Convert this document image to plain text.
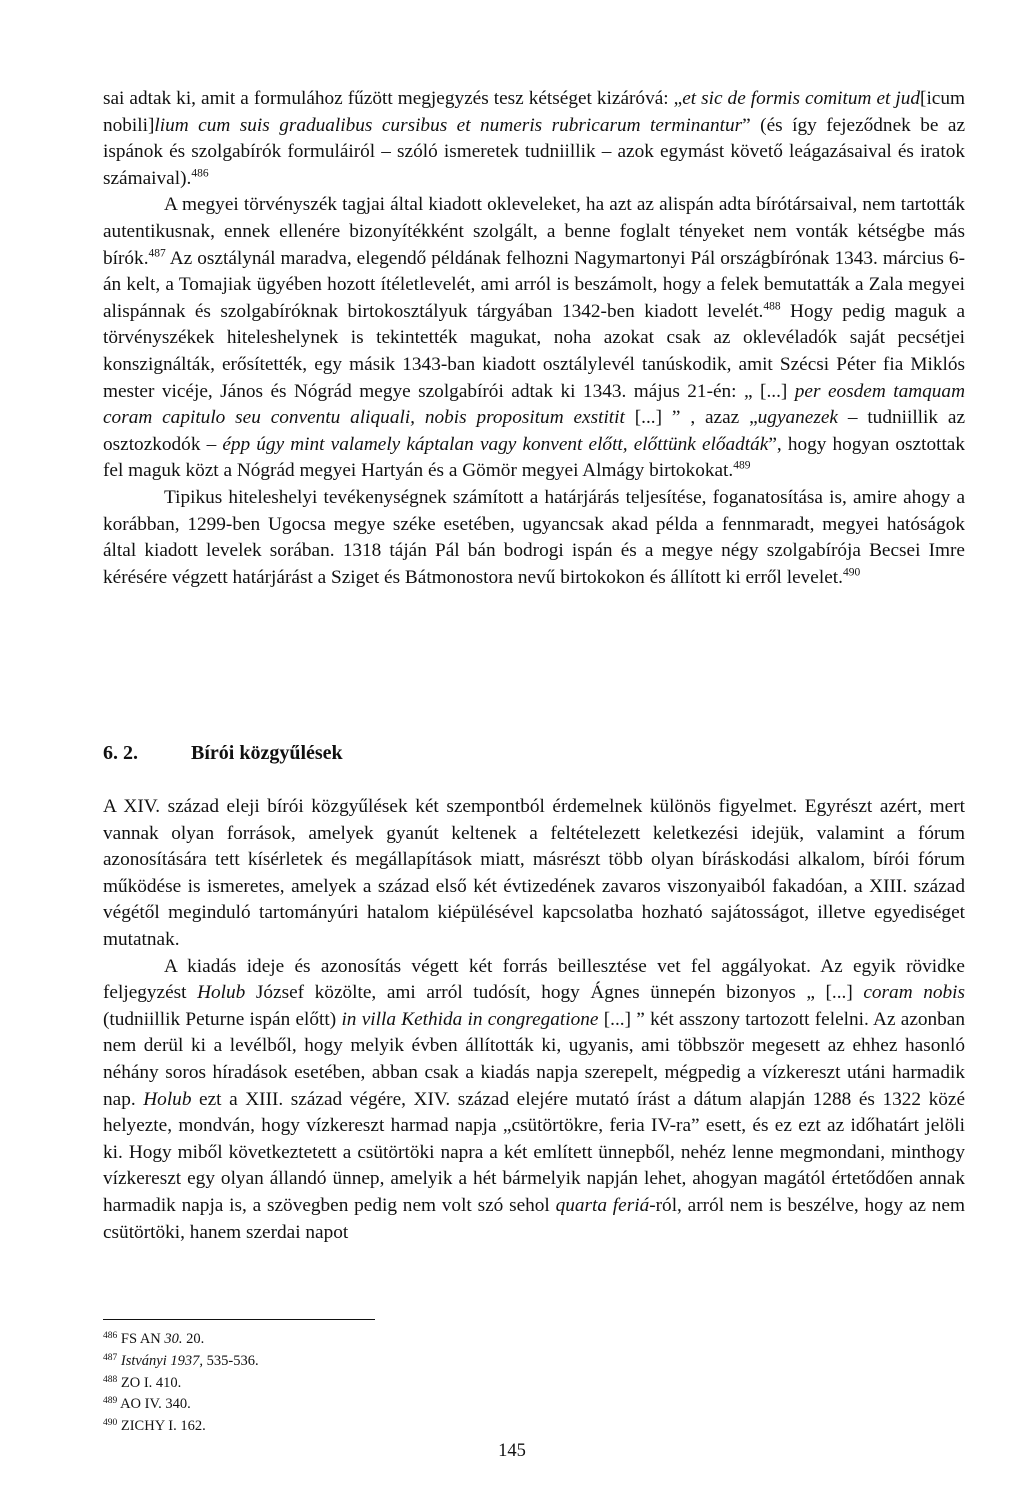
sai adtak ki, amit a formulához fűzött megjegyzés tesz kétséget kizáróvá: „et sic de formis comitum et jud[icum nobili]lium cum suis gradualibus cursibus et numeris rubricarum terminantur” (és így fejeződnek be az ispánok és szolgabírók formuláiról – szóló ismeretek tudniillik – azok egymást követő leágazásaival és iratok számaival).$^{486}$

A megyei törvényszék tagjai által kiadott okleveleket, ha azt az alispán adta bírótársaival, nem tartották autentikusnak, ennek ellenére bizonyítékként szolgált, a benne foglalt tényeket nem vonták kétségbe más bírók.$^{487}$ Az osztálynál maradva, elegendő példának felhozni Nagymartonyi Pál országbírónak 1343. március 6-án kelt, a Tomajiak ügyében hozott ítéletlevelét, ami arról is beszámolt, hogy a felek bemutatták a Zala megyei alispánnak és szolgabíróknak birtokosztályuk tárgyában 1342-ben kiadott levelét.$^{488}$ Hogy pedig maguk a törvényszékek hiteleshelynek is tekintették magukat, noha azokat csak az oklevéladók saját pecsétjei konszignálták, erősítették, egy másik 1343-ban kiadott osztálylevél tanúskodik, amit Szécsi Péter fia Miklós mester vicéje, János és Nógrád megye szolgabírói adtak ki 1343. május 21-én: „ [...] per eosdem tamquam coram capitulo seu conventu aliquali, nobis propositum exstitit [...] ” , azaz „ugyanezek – tudniillik az osztozkodók – épp úgy mint valamely káptalan vagy konvent előtt, előttünk előadták”, hogy hogyan osztottak fel maguk közt a Nógrád megyei Hartyán és a Gömör megyei Almágy birtokokat.$^{489}$

Tipikus hiteleshelyi tevékenységnek számított a határjárás teljesítése, foganatosítása is, amire ahogy a korábban, 1299-ben Ugocsa megye széke esetében, ugyancsak akad példa a fennmaradt, megyei hatóságok által kiadott levelek sorában. 1318 táján Pál bán bodrogi ispán és a megye négy szolgabírója Becsei Imre kérésére végzett határjárást a Sziget és Bátmonostora nevű birtokokon és állított ki erről levelet.$^{490}$

6. 2.	Bírói közgyűlések

A XIV. század eleji bírói közgyűlések két szempontból érdemelnek különös figyelmet. Egyrészt azért, mert vannak olyan források, amelyek gyanút keltenek a feltételezett keletkezési idejük, valamint a fórum azonosítására tett kísérletek és megállapítások miatt, másrészt több olyan bíráskodási alkalom, bírói fórum működése is ismeretes, amelyek a század első két évtizedének zavaros viszonyaiból fakadóan, a XIII. század végétől meginduló tartományúri hatalom kiépülésével kapcsolatba hozható sajátosságot, illetve egyediséget mutatnak.

A kiadás ideje és azonosítás végett két forrás beillesztése vet fel aggályokat. Az egyik rövidke feljegyzést Holub József közölte, ami arról tudósít, hogy Ágnes ünnepén bizonyos „ [...] coram nobis (tudniillik Peturne ispán előtt) in villa Kethida in congregatione [...] ” két asszony tartozott felelni. Az azonban nem derül ki a levélből, hogy melyik évben állították ki, ugyanis, ami többször megesett az ehhez hasonló néhány soros híradások esetében, abban csak a kiadás napja szerepelt, mégpedig a vízkereszt utáni harmadik nap. Holub ezt a XIII. század végére, XIV. század elejére mutató írást a dátum alapján 1288 és 1322 közé helyezte, mondván, hogy vízkereszt harmad napja „csütörtökre, feria IV-ra” esett, és ez ezt az időhatárt jelöli ki. Hogy miből következtetett a csütörtöki napra a két említett ünnepből, nehéz lenne megmondani, minthogy vízkereszt egy olyan állandó ünnep, amelyik a hét bármelyik napján lehet, ahogyan magától értetődően annak harmadik napja is, a szövegben pedig nem volt szó sehol quarta feriá-ról, arról nem is beszélve, hogy az nem csütörtöki, hanem szerdai napot

$^{486}$ FS AN 30. 20.
$^{487}$ Istványi 1937, 535-536.
$^{488}$ ZO I. 410.
$^{489}$ AO IV. 340.
$^{490}$ ZICHY I. 162.
145
